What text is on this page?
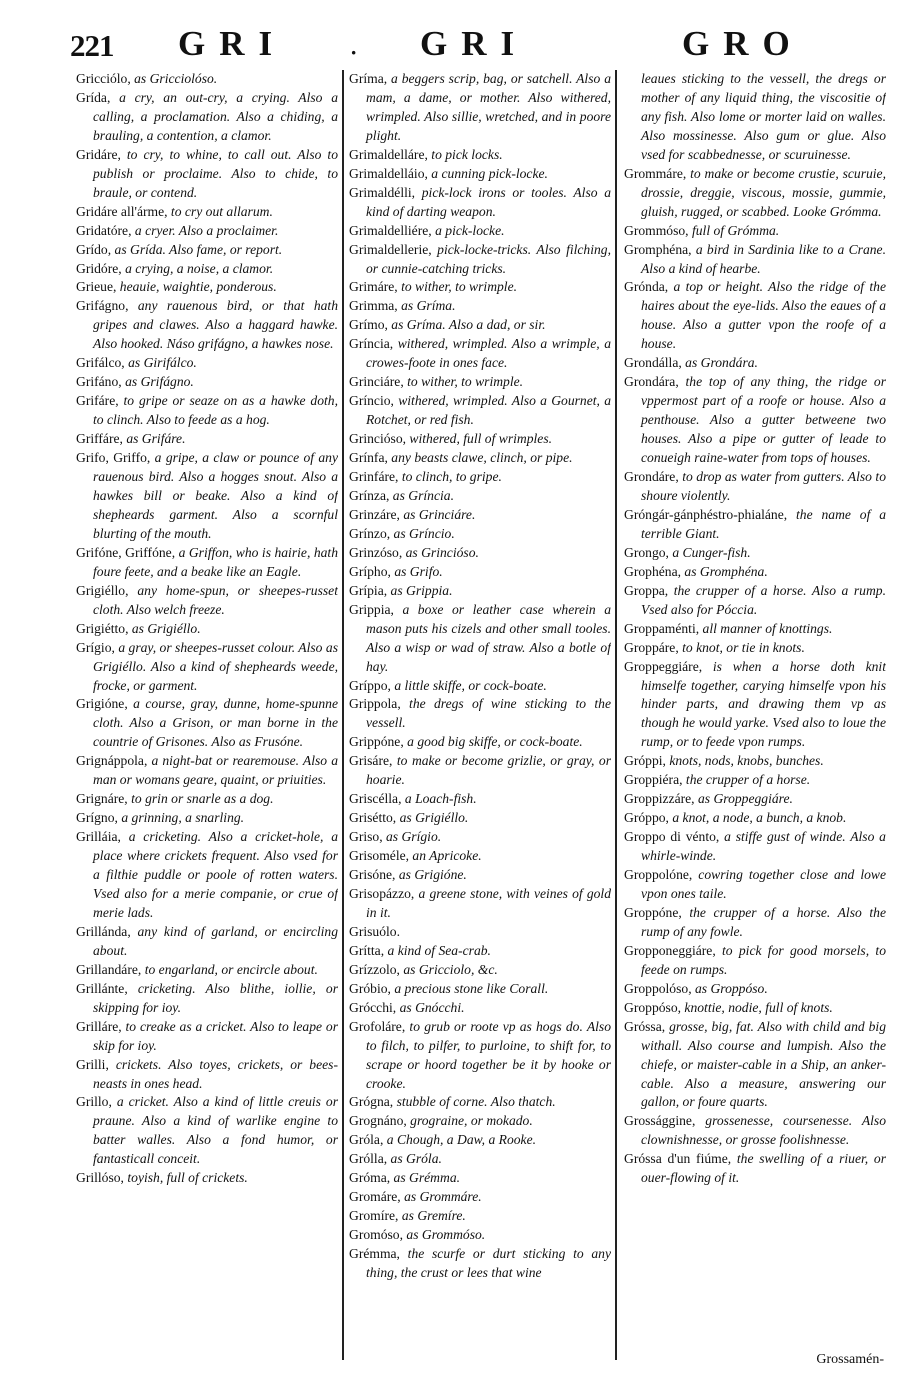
221 GRI	· GRI	GRO

Gricciólo, as Gricciolóso.

Grída, a cry, an out-cry, a crying. Also a calling, a proclamation. Also a chiding, a brauling, a contention, a clamor.

Gridáre, to cry, to whine, to call out. Also to publish or proclaime. Also to chide, to braule, or contend.

Gridáre all'árme, to cry out allarum.

Gridatóre, a cryer. Also a proclaimer.

Grído, as Grída. Also fame, or report.

Gridóre, a crying, a noise, a clamor.

Grieue, heauie, waightie, ponderous.

Grifágno, any rauenous bird, or that hath gripes and clawes. Also a haggard hawke. Also hooked. Náso grifágno, a hawkes nose.

Grifálco, as Girifálco.

Grifáno, as Grifágno.

Grifáre, to gripe or seaze on as a hawke doth, to clinch. Also to feede as a hog.

Griffáre, as Grifáre.

Grifo, Griffo, a gripe, a claw or pounce of any rauenous bird. Also a hogges snout. Also a hawkes bill or beake. Also a kind of shepheards garment. Also a scornful blurting of the mouth.

Grifóne, Griffóne, a Griffon, who is hairie, hath foure feete, and a beake like an Eagle.

Grigiéllo, any home-spun, or sheepes-russet cloth. Also welch freeze.

Grigiétto, as Grigiéllo.

Grígio, a gray, or sheepes-russet colour. Also as Grigiéllo. Also a kind of shepheards weede, frocke, or garment.

Grigióne, a course, gray, dunne, home-spunne cloth. Also a Grison, or man borne in the countrie of Grisones. Also as Frusóne.

Grignáppola, a night-bat or rearemouse. Also a man or womans geare, quaint, or priuities.

Grignáre, to grin or snarle as a dog.

Grígno, a grinning, a snarling.

Grilláia, a cricketing. Also a cricket-hole, a place where crickets frequent. Also vsed for a filthie puddle or poole of rotten waters. Vsed also for a merie companie, or crue of merie lads.

Grillánda, any kind of garland, or encircling about.

Grillandáre, to engarland, or encircle about.

Grillánte, cricketing. Also blithe, iollie, or skipping for ioy.

Grilláre, to creake as a cricket. Also to leape or skip for ioy.

Grilli, crickets. Also toyes, crickets, or bees-neasts in ones head.

Grillo, a cricket. Also a kind of little creuis or praune. Also a kind of warlike engine to batter walles. Also a fond humor, or fantasticall conceit.

Grillóso, toyish, full of crickets.

Gríma, a beggers scrip, bag, or satchell. Also a mam, a dame, or mother. Also withered, wrimpled. Also sillie, wretched, and in poore plight.

Grimaldelláre, to pick locks.

Grimaldelláio, a cunning pick-locke.

Grimaldélli, pick-lock irons or tooles. Also a kind of darting weapon.

Grimaldelliére, a pick-locke.

Grimaldellerie, pick-locke-tricks. Also filching, or cunnie-catching tricks.

Grimáre, to wither, to wrimple.

Grimma, as Gríma.

Grímo, as Gríma. Also a dad, or sir.

Gríncia, withered, wrimpled. Also a wrimple, a crowes-foote in ones face.

Grinciáre, to wither, to wrimple.

Gríncio, withered, wrimpled. Also a Gournet, a Rotchet, or red fish.

Grincióso, withered, full of wrimples.

Grínfa, any beasts clawe, clinch, or pipe.

Grinfáre, to clinch, to gripe.

Grínza, as Gríncia.

Grinzáre, as Grinciáre.

Grínzo, as Gríncio.

Grinzóso, as Grincióso.

Grípho, as Grifo.

Grípia, as Grippia.

Grippia, a boxe or leather case wherein a mason puts his cizels and other small tooles. Also a wisp or wad of straw. Also a botle of hay.

Gríppo, a little skiffe, or cock-boate.

Grippola, the dregs of wine sticking to the vessell.

Grippóne, a good big skiffe, or cock-boate.

Grisáre, to make or become grizlie, or gray, or hoarie.

Griscélla, a Loach-fish.

Grisétto, as Grigiéllo.

Griso, as Grígio.

Grisoméle, an Apricoke.

Grisóne, as Grigióne.

Grisopázzo, a greene stone, with veines of gold in it.

Grisuólo.

Grítta, a kind of Sea-crab.

Grízzolo, as Gricciolo, &c.

Gróbio, a precious stone like Corall.

Grócchi, as Gnócchi.

Grofoláre, to grub or roote vp as hogs do. Also to filch, to pilfer, to purloine, to shift for, to scrape or hoord together be it by hooke or crooke.

Grógna, stubble of corne. Also thatch.

Grognáno, grograine, or mokado.

Gróla, a Chough, a Daw, a Rooke.

Grólla, as Gróla.

Gróma, as Grémma.

Gromáre, as Grommáre.

Gromíre, as Gremíre.

Gromóso, as Grommóso.

Grémma, the scurfe or durt sticking to any thing, the crust or lees that wine

leaues sticking to the vessell, the dregs or mother of any liquid thing, the viscositie of any fish. Also lome or morter laid on walles. Also mossinesse. Also gum or glue. Also vsed for scabbednesse, or scuruinesse.

Grommáre, to make or become crustie, scuruie, drossie, dreggie, viscous, mossie, gummie, gluish, rugged, or scabbed. Looke Grómma.

Grommóso, full of Grómma.

Gromphéna, a bird in Sardinia like to a Crane. Also a kind of hearbe.

Grónda, a top or height. Also the ridge of the haires about the eye-lids. Also the eaues of a house. Also a gutter vpon the roofe of a house.

Grondálla, as Grondára.

Grondára, the top of any thing, the ridge or vppermost part of a roofe or house. Also a penthouse. Also a gutter betweene two houses. Also a pipe or gutter of leade to conueigh raine-water from tops of houses.

Grondáre, to drop as water from gutters. Also to shoure violently.

Gróngár-gánphéstro-phialáne, the name of a terrible Giant.

Grongo, a Cunger-fish.

Grophéna, as Gromphéna.

Groppa, the crupper of a horse. Also a rump. Vsed also for Póccia.

Groppaménti, all manner of knottings.

Groppáre, to knot, or tie in knots.

Groppeggiáre, is when a horse doth knit himselfe together, carying himselfe vpon his hinder parts, and drawing them vp as though he would yarke. Vsed also to loue the rump, or to feede vpon rumps.

Gróppi, knots, nods, knobs, bunches.

Groppiéra, the crupper of a horse.

Groppizzáre, as Groppeggiáre.

Gróppo, a knot, a node, a bunch, a knob.

Groppo di vénto, a stiffe gust of winde. Also a whirle-winde.

Groppolóne, cowring together close and lowe vpon ones taile.

Groppóne, the crupper of a horse. Also the rump of any fowle.

Gropponeggiáre, to pick for good morsels, to feede on rumps.

Groppolóso, as Groppóso.

Groppóso, knottie, nodie, full of knots.

Gróssa, grosse, big, fat. Also with child and big withall. Also course and lumpish. Also the chiefe, or maister-cable in a Ship, an anker-cable. Also a measure, answering our gallon, or foure quarts.

Grossággine, grossenesse, coursenesse. Also clownishnesse, or grosse foolishnesse.

Gróssa d'un fiúme, the swelling of a riuer, or ouer-flowing of it.

Grossamén-
